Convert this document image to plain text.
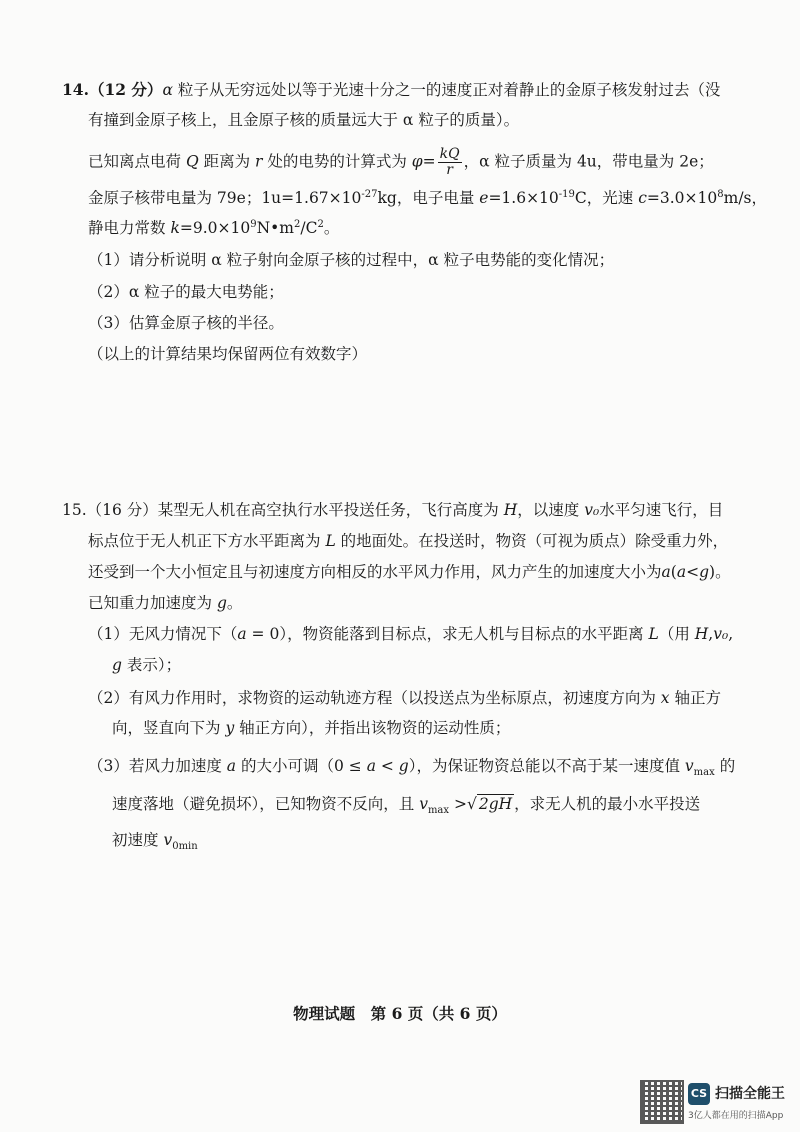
14.（12 分）α 粒子从无穷远处以等于光速十分之一的速度正对着静止的金原子核发射过去（没
有撞到金原子核上，且金原子核的质量远大于 α 粒子的质量）。
已知离点电荷 Q 距离为 r 处的电势的计算式为 $\varphi= \frac{kQ}{r}$ ，α 粒子质量为 4u，带电量为 2e；
金原子核带电量为 79e；$1u=1.67\times 10^{-27}kg$，电子电量 $e=1.6\times 10^{-19}C$，光速 $c=3.0\times 10^8m/s$，
静电力常数 $k=9.0\times 10^9N•m^2/C^2$。
（1）请分析说明 α 粒子射向金原子核的过程中，α 粒子电势能的变化情况；
（2）α 粒子的最大电势能；
（3）估算金原子核的半径。
（以上的计算结果均保留两位有效数字）
15.（16 分）某型无人机在高空执行水平投送任务，飞行高度为 H，以速度 v₀水平匀速飞行，目
标点位于无人机正下方水平距离为 L 的地面处。在投送时，物资（可视为质点）除受重力外，
还受到一个大小恒定且与初速度方向相反的水平风力作用，风力产生的加速度大小为a(a<g)。
已知重力加速度为 g。
（1）无风力情况下（a = 0），物资能落到目标点，求无人机与目标点的水平距离 L（用 H,v₀,
g 表示）；
（2）有风力作用时，求物资的运动轨迹方程（以投送点为坐标原点，初速度方向为 x 轴正方
向，竖直向下为 y 轴正方向），并指出该物资的运动性质；
（3）若风力加速度 a 的大小可调（0 ≤ a < g），为保证物资总能以不高于某一速度值 $v_{max}$ 的
速度落地（避免损坏），已知物资不反向，且 $v_{max}$ >√ 2gH ，求无人机的最小水平投送
初速度 $v_{0min}$
物理试题　第 6 页（共 6 页）
CS 扫描全能王
3亿人都在用的扫描App
